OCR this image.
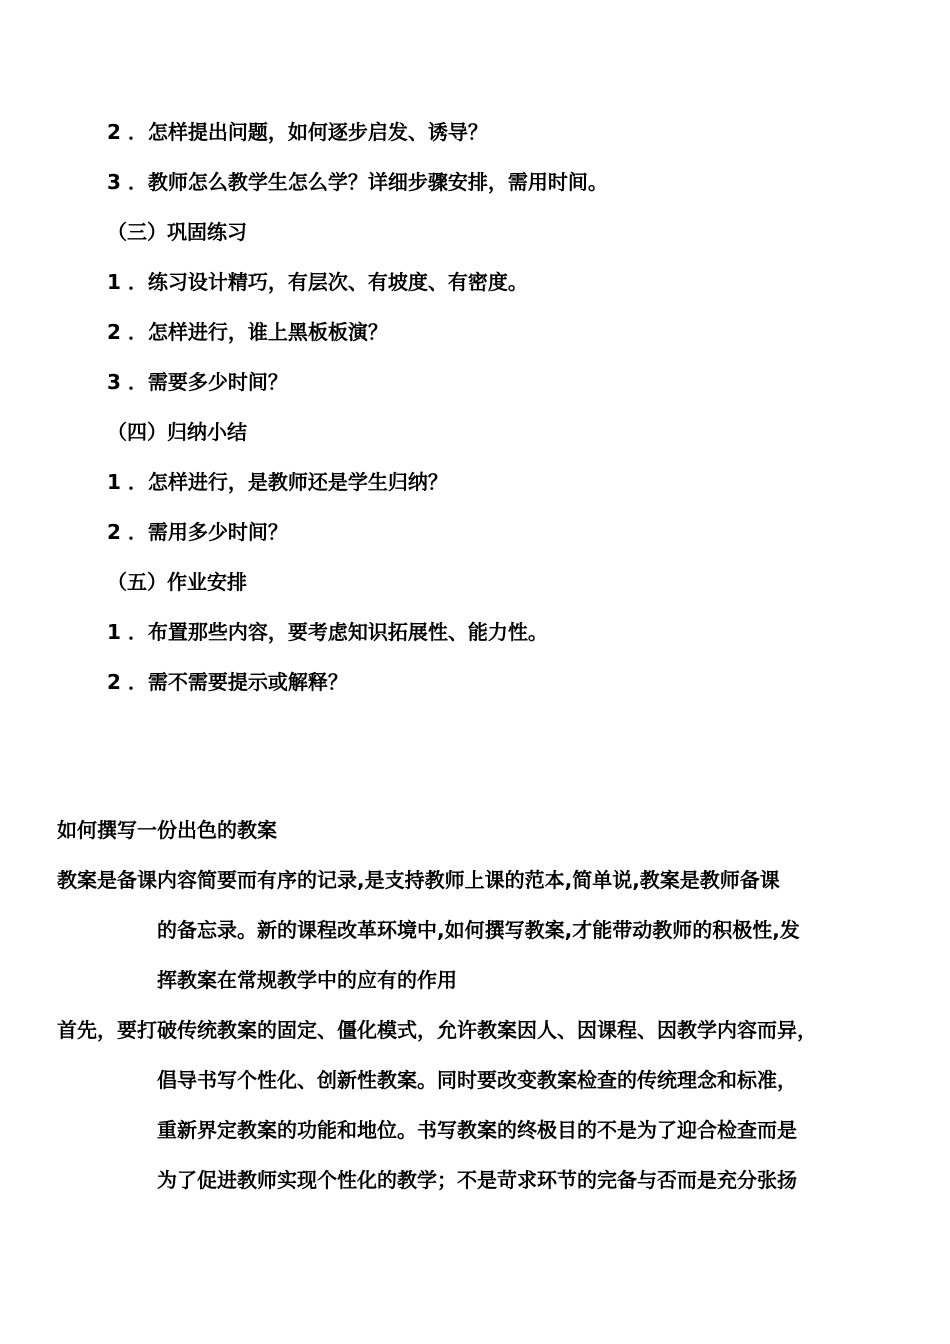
2 ．怎样提出问题，如何逐步启发、诱导？
3 ．教师怎么教学生怎么学？详细步骤安排，需用时间。
（三）巩固练习
1 ．练习设计精巧，有层次、有坡度、有密度。
2 ．怎样进行，谁上黑板板演？
3 ．需要多少时间？
（四）归纳小结
1 ．怎样进行，是教师还是学生归纳？
2 ．需用多少时间？
（五）作业安排
1 ．布置那些内容，要考虑知识拓展性、能力性。
2 ．需不需要提示或解释？
如何撰写一份出色的教案
教案是备课内容简要而有序的记录,是支持教师上课的范本,简单说,教案是教师备课
的备忘录。新的课程改革环境中,如何撰写教案,才能带动教师的积极性,发
挥教案在常规教学中的应有的作用
首先，要打破传统教案的固定、僵化模式，允许教案因人、因课程、因教学内容而异，
倡导书写个性化、创新性教案。同时要改变教案检查的传统理念和标准，
重新界定教案的功能和地位。书写教案的终极目的不是为了迎合检查而是
为了促进教师实现个性化的教学；不是苛求环节的完备与否而是充分张扬
